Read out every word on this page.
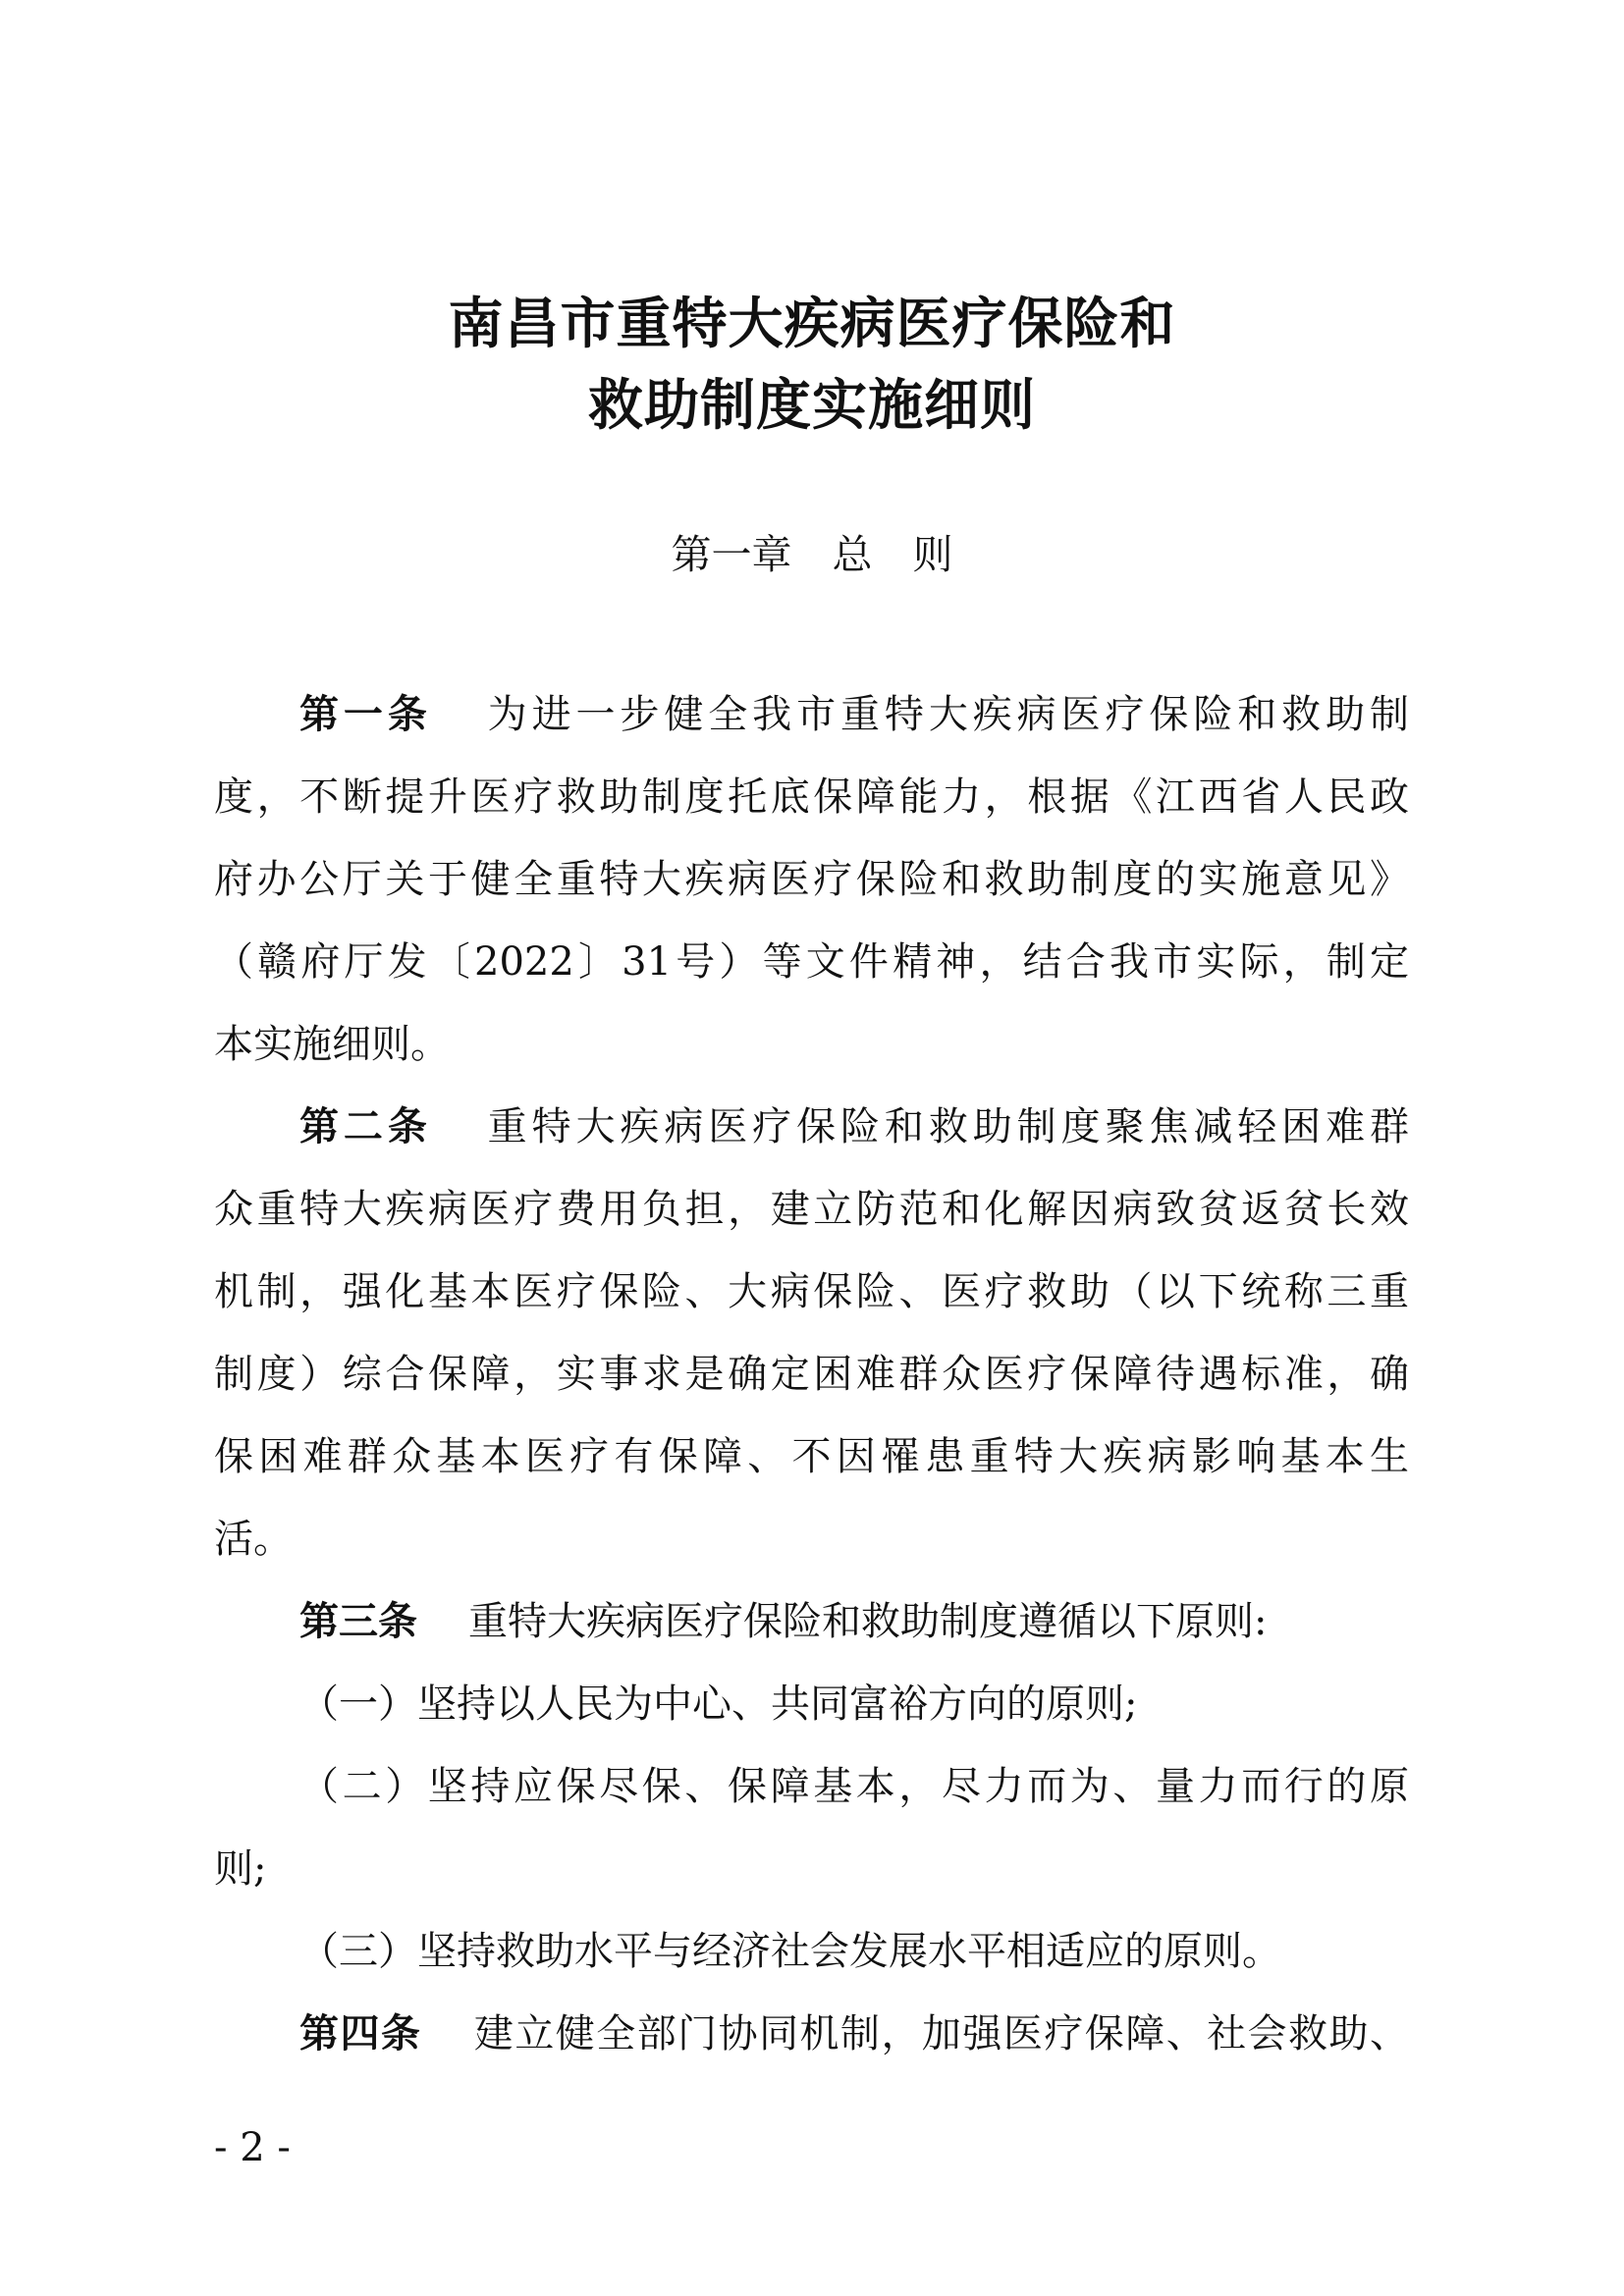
南昌市重特大疾病医疗保险和
救助制度实施细则
第一章　总　则
第一条 为进一步健全我市重特大疾病医疗保险和救助制
度，不断提升医疗救助制度托底保障能力，根据《江西省人民政
府办公厅关于健全重特大疾病医疗保险和救助制度的实施意见》
（赣府厅发〔2022〕31号）等文件精神，结合我市实际，制定
本实施细则。
第二条 重特大疾病医疗保险和救助制度聚焦减轻困难群
众重特大疾病医疗费用负担，建立防范和化解因病致贫返贫长效
机制，强化基本医疗保险、大病保险、医疗救助（以下统称三重
制度）综合保障，实事求是确定困难群众医疗保障待遇标准，确
保困难群众基本医疗有保障、不因罹患重特大疾病影响基本生
活。
第三条 重特大疾病医疗保险和救助制度遵循以下原则:
（一）坚持以人民为中心、共同富裕方向的原则;
（二）坚持应保尽保、保障基本，尽力而为、量力而行的原
则;
（三）坚持救助水平与经济社会发展水平相适应的原则。
第四条 建立健全部门协同机制，加强医疗保障、社会救助、
- 2 -
